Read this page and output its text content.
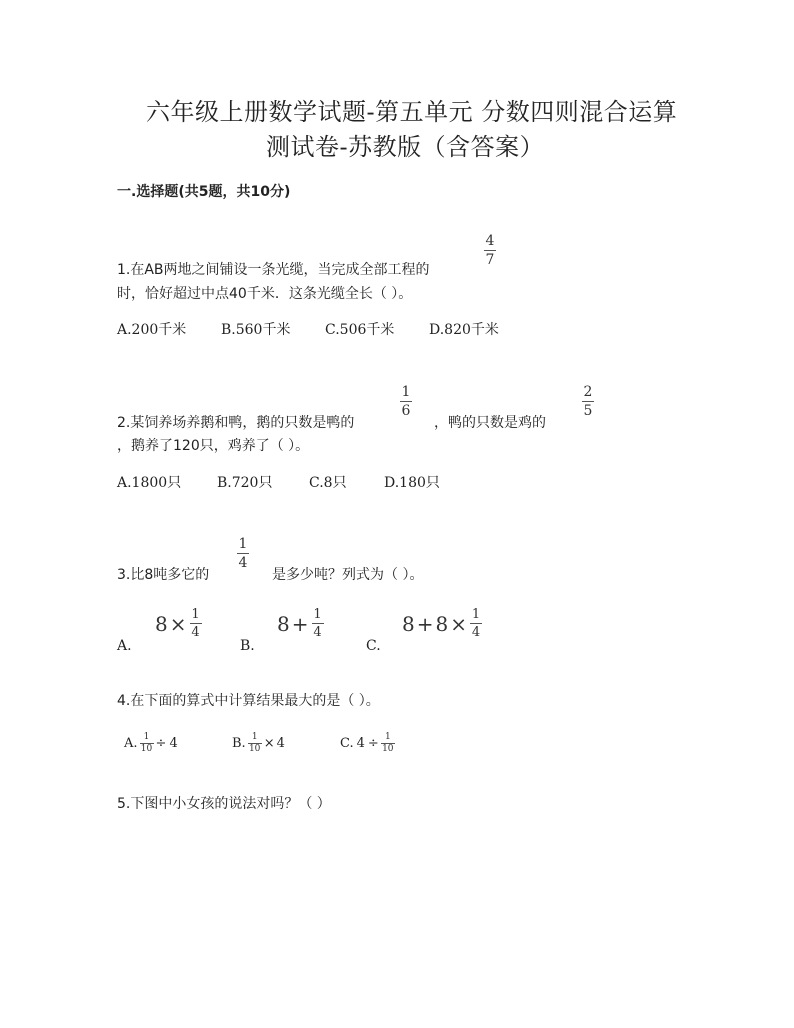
六年级上册数学试题-第五单元 分数四则混合运算
测试卷-苏教版（含答案）
一.选择题(共5题，共10分)
4
7
1.在AB两地之间铺设一条光缆，当完成全部工程的
时，恰好超过中点40千米．这条光缆全长（ ）。
A.200千米 B.560千米 C.506千米 D.820千米
1
6
2
5
2.某饲养场养鹅和鸭，鹅的只数是鸭的	，鸭的只数是鸡的
，鹅养了120只，鸡养了（ ）。
A.1800只	B.720只	C.8只	D.180只
1
4
3.比8吨多它的	是多少吨？列式为（ ）。
A.
$8 \times \frac{1}{4}$
B.
$8 + \frac{1}{4}$
C.
$8 + 8 \times \frac{1}{4}$
4.在下面的算式中计算结果最大的是（ ）。
A. $\frac{1}{10} \div 4$	B. $\frac{1}{10} \times 4$	C. $4 \div \frac{1}{10}$
5.下图中小女孩的说法对吗？（ ）
